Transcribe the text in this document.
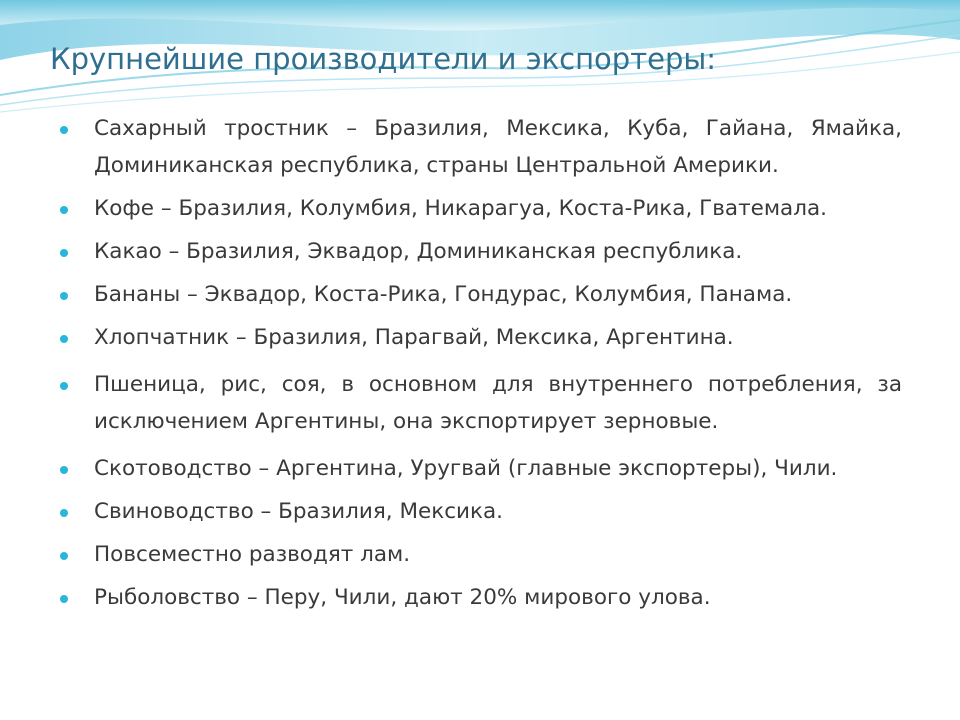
Крупнейшие производители и экспортеры:
Сахарный тростник – Бразилия, Мексика, Куба, Гайана, Ямайка, Доминиканская республика, страны Центральной Америки.
Кофе – Бразилия, Колумбия, Никарагуа, Коста-Рика, Гватемала.
Какао – Бразилия, Эквадор, Доминиканская республика.
Бананы – Эквадор, Коста-Рика, Гондурас, Колумбия, Панама.
Хлопчатник – Бразилия, Парагвай, Мексика, Аргентина.
Пшеница, рис, соя, в основном для внутреннего потребления, за исключением Аргентины, она экспортирует зерновые.
Скотоводство – Аргентина, Уругвай (главные экспортеры), Чили.
Свиноводство – Бразилия, Мексика.
Повсеместно разводят лам.
Рыболовство – Перу, Чили, дают 20% мирового улова.
